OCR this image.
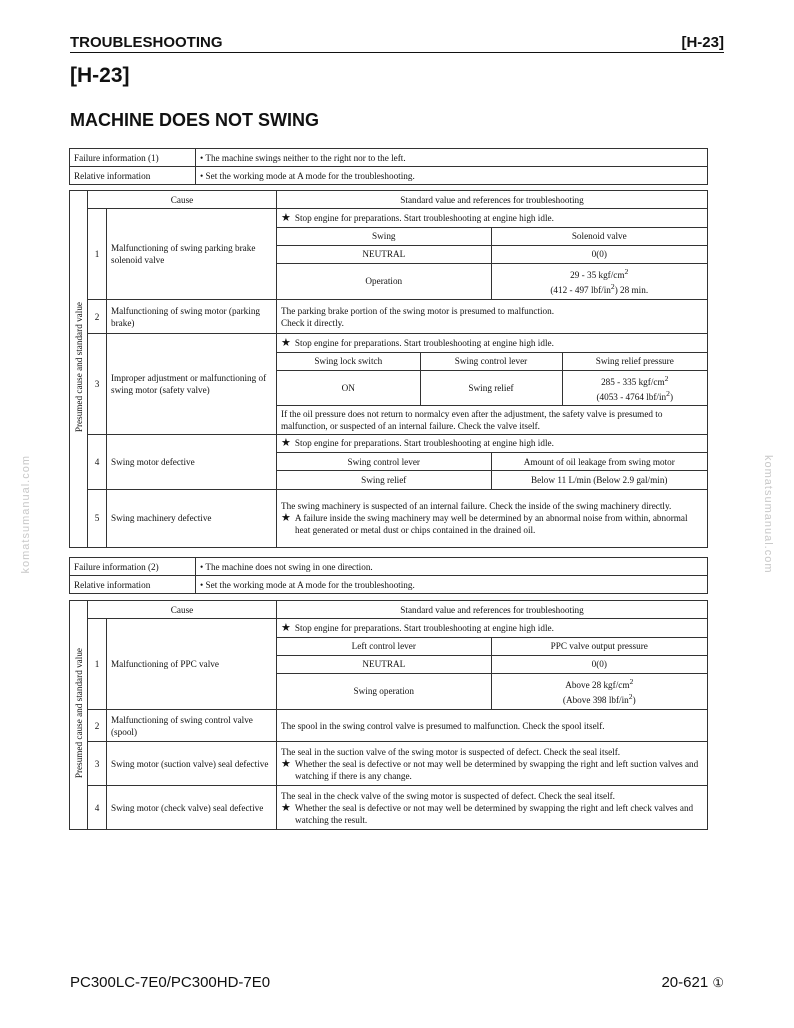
TROUBLESHOOTING	[H-23]
[H-23]
MACHINE DOES NOT SWING
komatsumanual.com	komatsumanual.com
Failure information (1)	• The machine swings neither to the right nor to the left.
Relative information	• Set the working mode at A mode for the troubleshooting.
Presumed cause and standard value	Cause	Standard value and references for troubleshooting
1	Malfunctioning of swing parking brake solenoid valve	
★ Stop engine for preparations. Start troubleshooting at engine high idle.
Swing	Solenoid valve
NEUTRAL	0(0)
Operation	29 - 35 kgf/$cm^2$
(412 - 497 lbf/$in^2$) 28 min.

2	Malfunctioning of swing motor (parking brake)	The parking brake portion of the swing motor is presumed to malfunction.
Check it directly.
3	Improper adjustment or malfunctioning of swing motor (safety valve)	
★ Stop engine for preparations. Start troubleshooting at engine high idle.
Swing lock switch	Swing control lever	Swing relief pressure
ON	Swing relief	285 - 335 kgf/$cm^2$
(4053 - 4764 lbf/$in^2$)
If the oil pressure does not return to normalcy even after the adjustment, the safety valve is presumed to malfunction, or suspected of an internal failure. Check the valve itself.

4	Swing motor defective	
★ Stop engine for preparations. Start troubleshooting at engine high idle.
Swing control lever	Amount of oil leakage from swing motor
Swing relief	Below 11 L/min (Below 2.9 gal/min)

5	Swing machinery defective	
The swing machinery is suspected of an internal failure. Check the inside of the swing machinery directly.
★ A failure inside the swing machinery may well be determined by an abnormal noise from within, abnormal heat generated or metal dust or chips contained in the drained oil.
Failure information (2)	• The machine does not swing in one direction.
Relative information	• Set the working mode at A mode for the troubleshooting.
Presumed cause and standard value	Cause	Standard value and references for troubleshooting
1	Malfunctioning of PPC valve	
★ Stop engine for preparations. Start troubleshooting at engine high idle.
Left control lever	PPC valve output pressure
NEUTRAL	0(0)
Swing operation	Above 28 kgf/$cm^2$
(Above 398 lbf/$in^2$)

2	Malfunctioning of swing control valve (spool)	The spool in the swing control valve is presumed to malfunction. Check the spool itself.
3	Swing motor (suction valve) seal defective	
The seal in the suction valve of the swing motor is suspected of defect. Check the seal itself.
★ Whether the seal is defective or not may well be determined by swapping the right and left suction valves and watching if there is any change.

4	Swing motor (check valve) seal defective	
The seal in the check valve of the swing motor is suspected of defect. Check the seal itself.
★ Whether the seal is defective or not may well be determined by swapping the right and left check valves and watching the result.
PC300LC-7E0/PC300HD-7E0	20-621 ①
